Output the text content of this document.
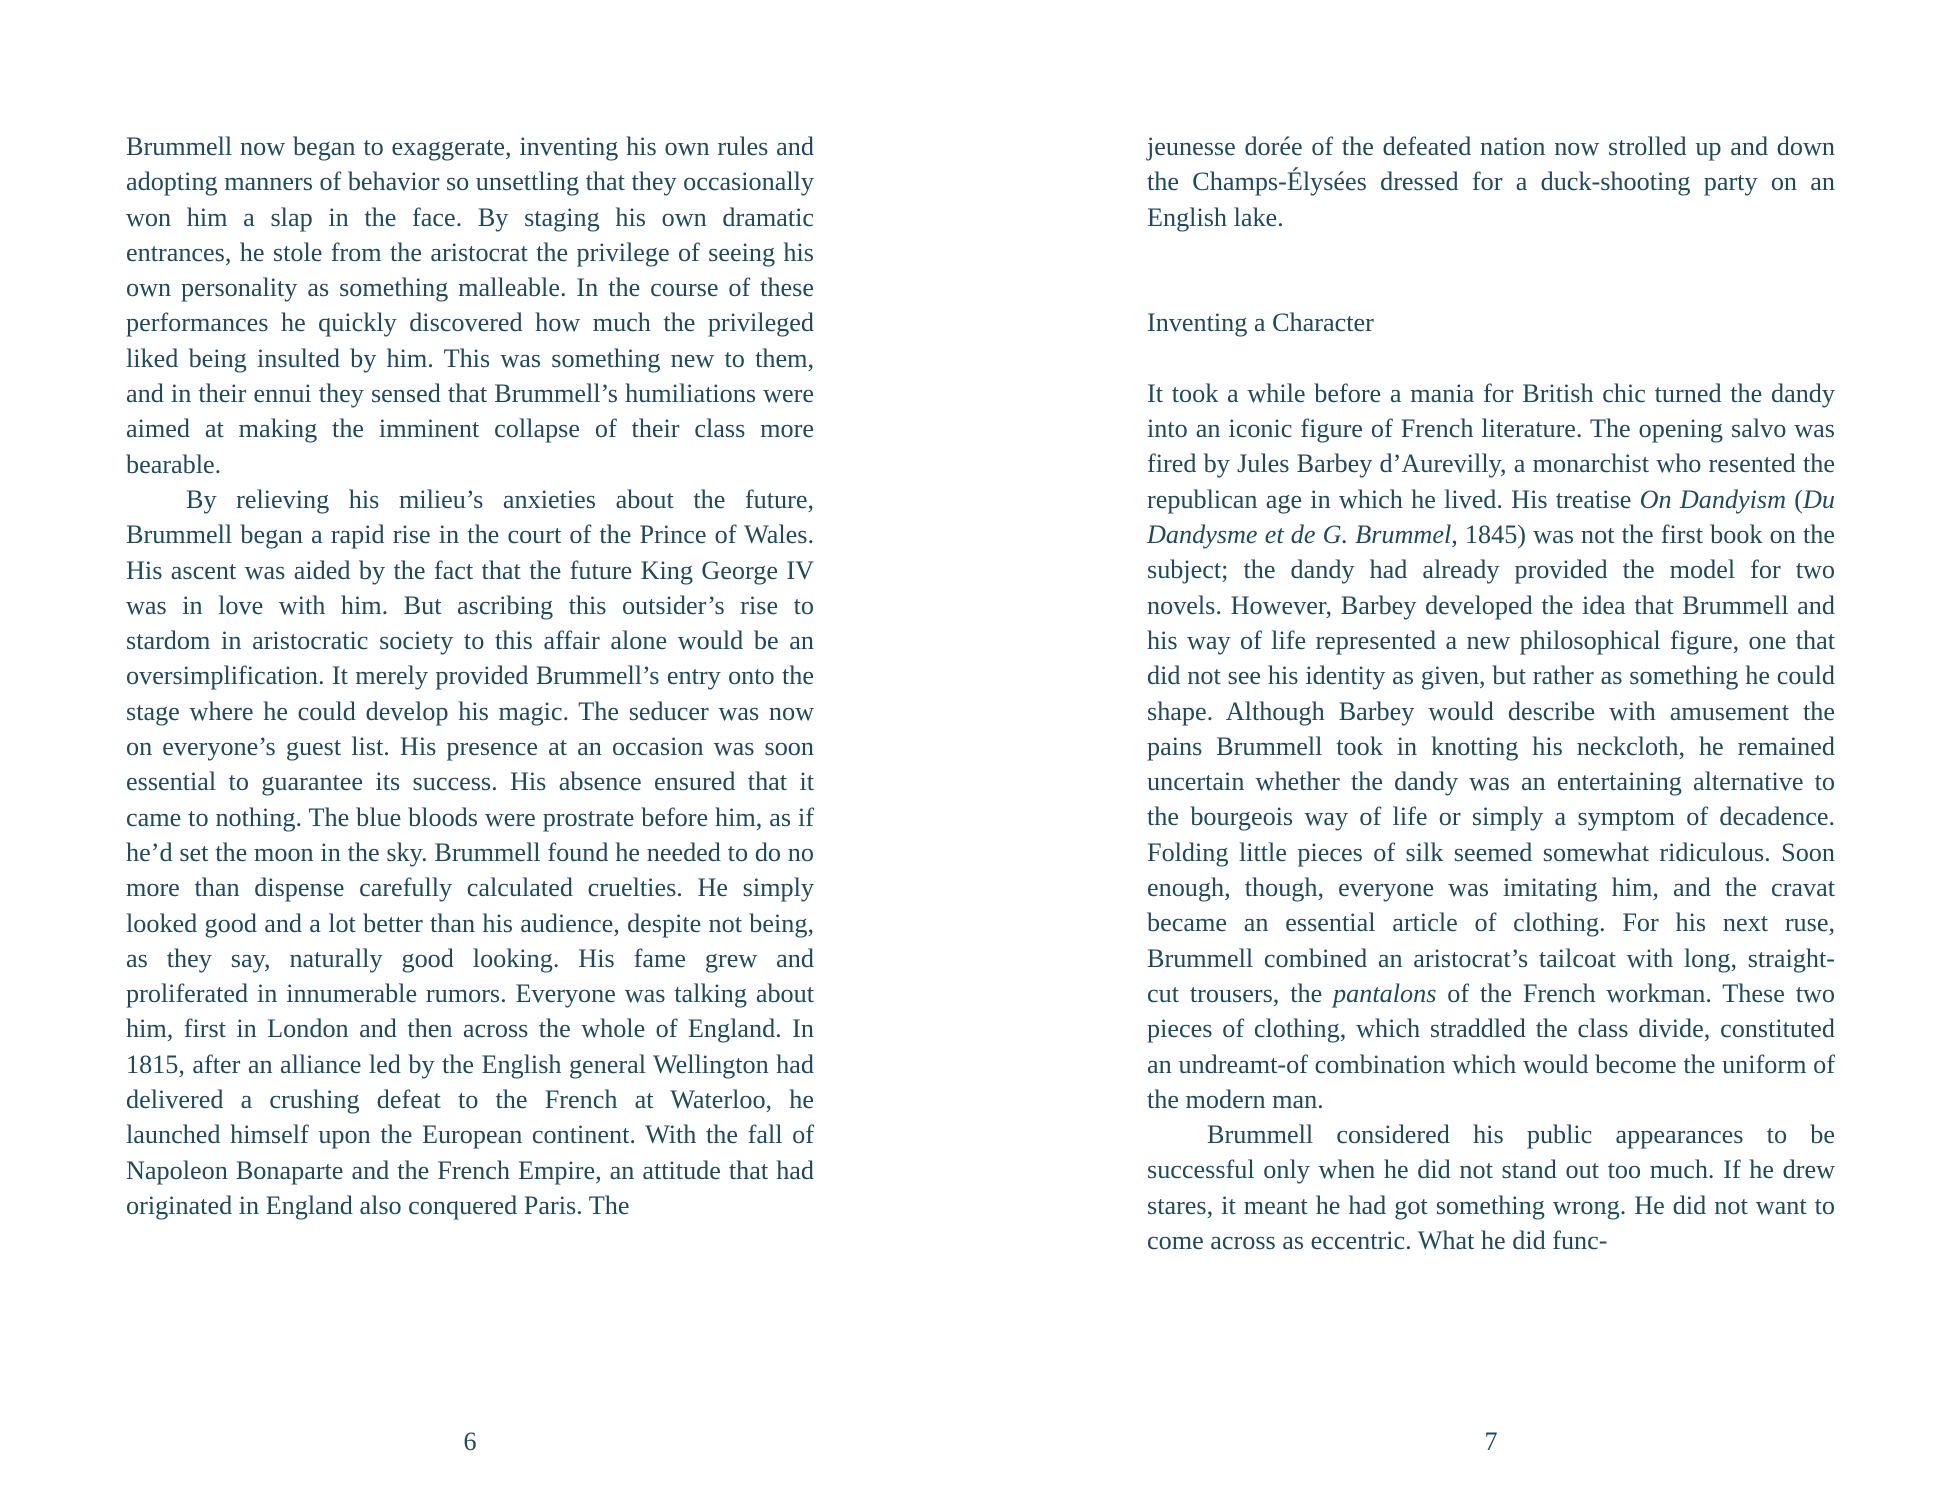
Brummell now began to exaggerate, inventing his own rules and adopting manners of behavior so unsettling that they occasionally won him a slap in the face. By staging his own dramatic entrances, he stole from the aristocrat the privilege of seeing his own personality as something malleable. In the course of these performances he quickly discovered how much the privileged liked being insulted by him. This was something new to them, and in their ennui they sensed that Brummell’s humiliations were aimed at making the imminent collapse of their class more bearable.

By relieving his milieu’s anxieties about the future, Brummell began a rapid rise in the court of the Prince of Wales. His ascent was aided by the fact that the future King George IV was in love with him. But ascribing this outsider’s rise to stardom in aristocratic society to this affair alone would be an oversimplification. It merely provided Brummell’s entry onto the stage where he could develop his magic. The seducer was now on everyone’s guest list. His presence at an occasion was soon essential to guarantee its success. His absence ensured that it came to nothing. The blue bloods were prostrate before him, as if he’d set the moon in the sky. Brummell found he needed to do no more than dispense carefully calculated cruelties. He simply looked good and a lot better than his audience, despite not being, as they say, naturally good looking. His fame grew and proliferated in innumerable rumors. Everyone was talking about him, first in London and then across the whole of England. In 1815, after an alliance led by the English general Wellington had delivered a crushing defeat to the French at Waterloo, he launched himself upon the European continent. With the fall of Napoleon Bonaparte and the French Empire, an attitude that had originated in England also conquered Paris. The

jeunesse dorée of the defeated nation now strolled up and down the Champs-Élysées dressed for a duck-shooting party on an English lake.

Inventing a Character

It took a while before a mania for British chic turned the dandy into an iconic figure of French literature. The opening salvo was fired by Jules Barbey d’Aurevilly, a monarchist who resented the republican age in which he lived. His treatise On Dandyism (Du Dandysme et de G. Brummel, 1845) was not the first book on the subject; the dandy had already provided the model for two novels. However, Barbey developed the idea that Brummell and his way of life represented a new philosophical figure, one that did not see his identity as given, but rather as something he could shape. Although Barbey would describe with amusement the pains Brummell took in knotting his neckcloth, he remained uncertain whether the dandy was an entertaining alternative to the bourgeois way of life or simply a symptom of decadence. Folding little pieces of silk seemed somewhat ridiculous. Soon enough, though, everyone was imitating him, and the cravat became an essential article of clothing. For his next ruse, Brummell combined an aristocrat’s tailcoat with long, straight-cut trousers, the pantalons of the French workman. These two pieces of clothing, which straddled the class divide, constituted an undreamt-of combination which would become the uniform of the modern man.

Brummell considered his public appearances to be successful only when he did not stand out too much. If he drew stares, it meant he had got something wrong. He did not want to come across as eccentric. What he did func-

6	7
